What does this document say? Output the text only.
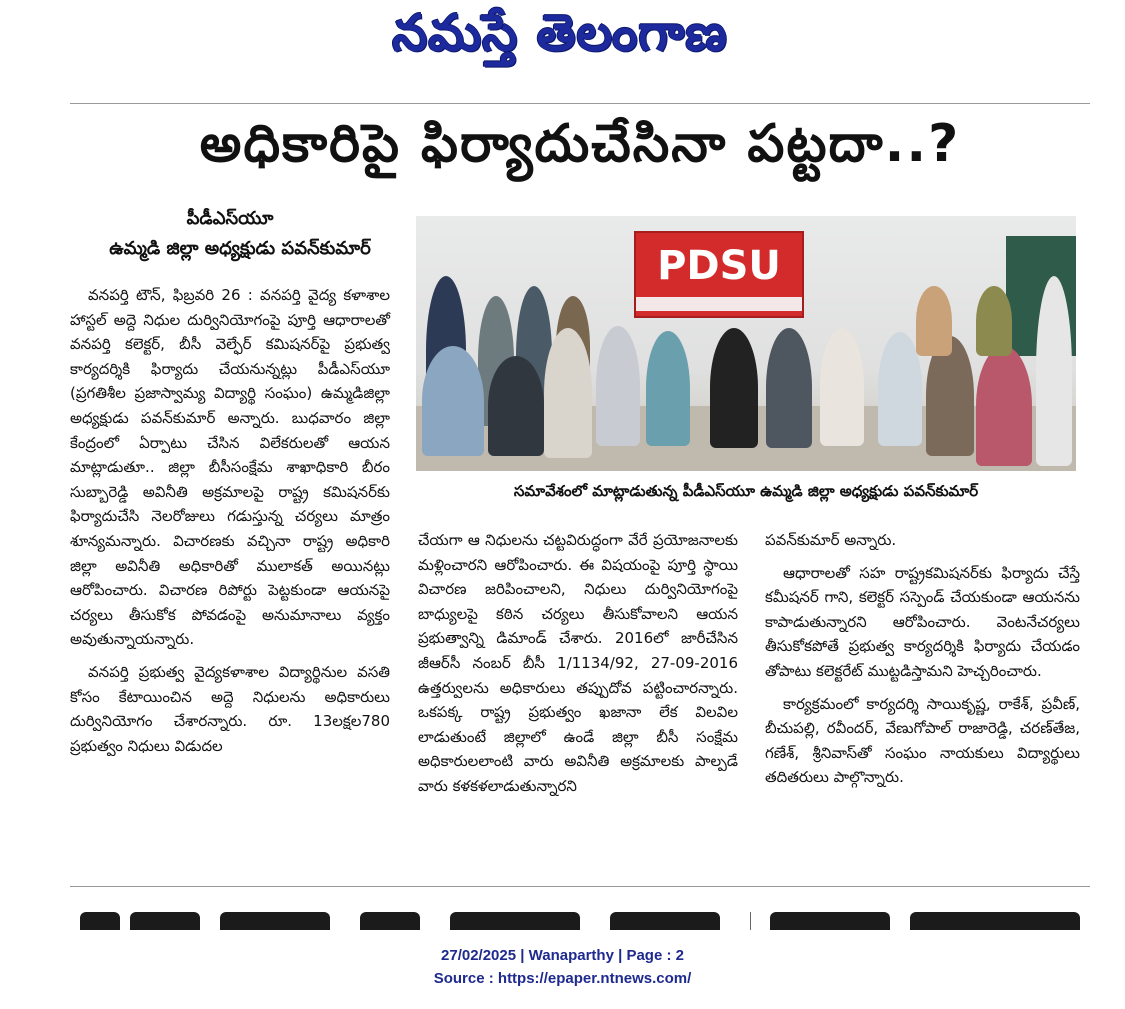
నమస్తే తెలంగాణ
అధికారిపై ఫిర్యాదుచేసినా పట్టదా..?
పీడీఎస్‌యూ
ఉమ్మడి జిల్లా అధ్యక్షుడు పవన్‌కుమార్

వనపర్తి టౌన్, ఫిబ్రవరి 26 : వనపర్తి వైద్య కళాశాల హాస్టల్ అద్దె నిధుల దుర్వినియోగంపై పూర్తి ఆధారాలతో వనపర్తి కలెక్టర్, బీసీ వెల్ఫేర్ కమిషనర్‌పై ప్రభుత్వ కార్యదర్శికి ఫిర్యాదు చేయనున్నట్లు పీడీఎస్‌యూ (ప్రగతిశీల ప్రజాస్వామ్య విద్యార్థి సంఘం) ఉమ్మడిజిల్లా అధ్యక్షుడు పవన్‌కుమార్ అన్నారు. బుధవారం జిల్లా కేంద్రంలో ఏర్పాటు చేసిన విలేకరులతో ఆయన మాట్లాడుతూ.. జిల్లా బీసీసంక్షేమ శాఖాధికారి బీరం సుబ్బారెడ్డి అవినీతి అక్రమాలపై రాష్ట్ర కమిషనర్‌కు ఫిర్యాదుచేసి నెలరోజులు గడుస్తున్న చర్యలు మాత్రం శూన్యమన్నారు. విచారణకు వచ్చినా రాష్ట్ర అధికారి జిల్లా అవినీతి అధికారితో ములాకత్ అయినట్లు ఆరోపించారు. విచారణ రిపోర్టు పెట్టకుండా ఆయనపై చర్యలు తీసుకోక పోవడంపై అనుమానాలు వ్యక్తం అవుతున్నాయన్నారు.

వనపర్తి ప్రభుత్వ వైద్యకళాశాల విద్యార్థినుల వసతి కోసం కేటాయించిన అద్దె నిధులను అధికారులు దుర్వినియోగం చేశారన్నారు. రూ. 13లక్షల780 ప్రభుత్వం నిధులు విడుదల

PDSU
సమావేశంలో మాట్లాడుతున్న పీడీఎస్‌యూ ఉమ్మడి జిల్లా అధ్యక్షుడు పవన్‌కుమార్

చేయగా ఆ నిధులను చట్టవిరుద్ధంగా వేరే ప్రయోజనాలకు మళ్లించారని ఆరోపించారు. ఈ విషయంపై పూర్తి స్థాయి విచారణ జరిపించాలని, నిధులు దుర్వినియోగంపై బాధ్యులపై కఠిన చర్యలు తీసుకోవాలని ఆయన ప్రభుత్వాన్ని డిమాండ్ చేశారు. 2016లో జారీచేసిన జీఆర్‌సీ నంబర్ బీసీ 1/1134/92, 27-09-2016 ఉత్తర్వులను అధికారులు తప్పుదోవ పట్టించారన్నారు. ఒకపక్క రాష్ట్ర ప్రభుత్వం ఖజానా లేక విలవిల లాడుతుంటే జిల్లాలో ఉండే జిల్లా బీసీ సంక్షేమ అధికారులలాంటి వారు అవినీతి అక్రమాలకు పాల్పడే వారు కళకళలాడుతున్నారని

పవన్‌కుమార్ అన్నారు.

ఆధారాలతో సహ రాష్ట్రకమిషనర్‌కు ఫిర్యాదు చేస్తే కమీషనర్ గాని, కలెక్టర్ సస్పెండ్ చేయకుండా ఆయనను కాపాడుతున్నారని ఆరోపించారు. వెంటనేచర్యలు తీసుకోకపోతే ప్రభుత్వ కార్యదర్శికి ఫిర్యాదు చేయడం తోపాటు కలెక్టరేట్ ముట్టడిస్తామని హెచ్చరించారు.

కార్యక్రమంలో కార్యదర్శి సాయికృష్ణ, రాకేశ్, ప్రవీణ్, బీచుపల్లి, రవీందర్, వేణుగోపాల్ రాజారెడ్డి, చరణ్‌తేజ, గణేశ్, శ్రీనివాస్‌తో సంఘం నాయకులు విద్యార్థులు తదితరులు పాల్గొన్నారు.

27/02/2025 | Wanaparthy | Page : 2
Source : https://epaper.ntnews.com/
